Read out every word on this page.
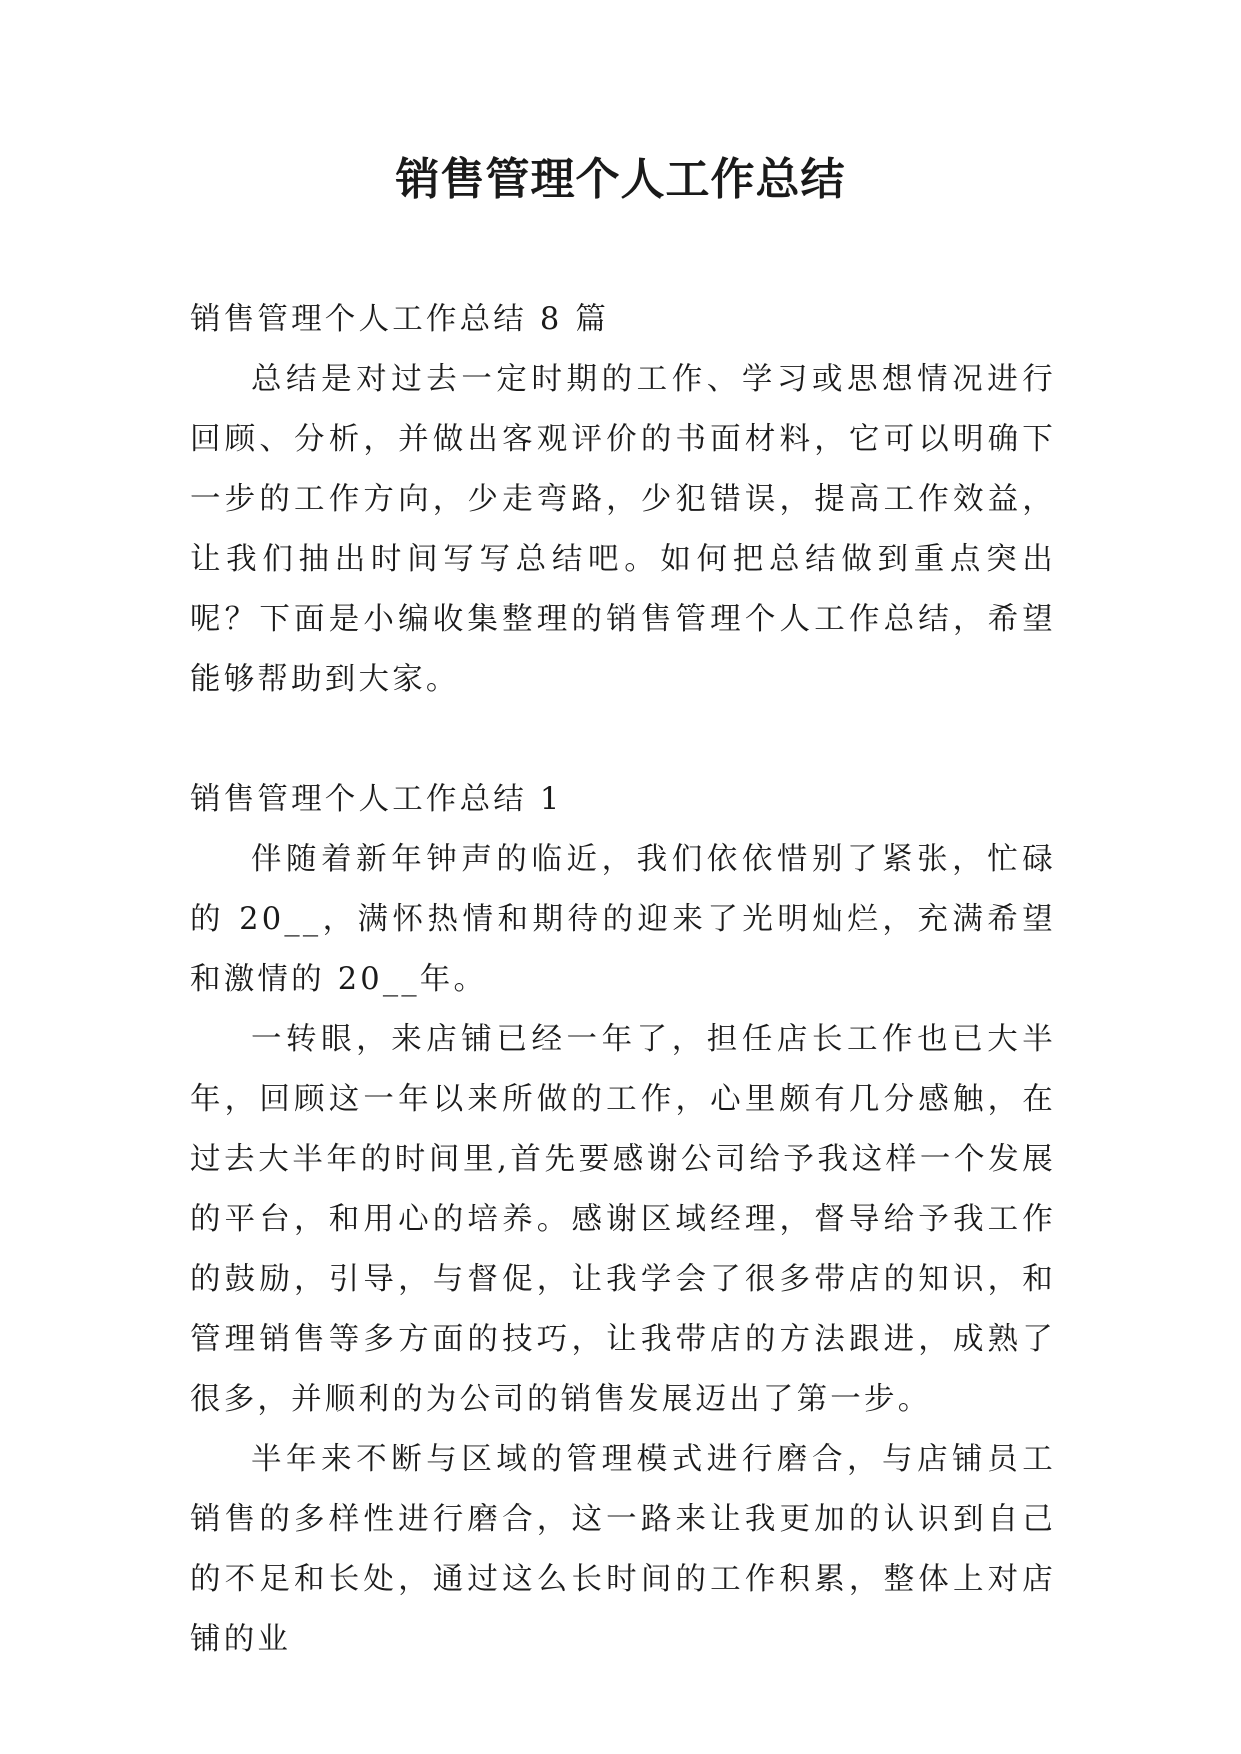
销售管理个人工作总结

销售管理个人工作总结 8 篇

总结是对过去一定时期的工作、学习或思想情况进行回顾、分析，并做出客观评价的书面材料，它可以明确下一步的工作方向，少走弯路，少犯错误，提高工作效益，让我们抽出时间写写总结吧。如何把总结做到重点突出呢？下面是小编收集整理的销售管理个人工作总结，希望能够帮助到大家。

销售管理个人工作总结 1

伴随着新年钟声的临近，我们依依惜别了紧张，忙碌的 20__，满怀热情和期待的迎来了光明灿烂，充满希望和激情的 20__年。

一转眼，来店铺已经一年了，担任店长工作也已大半年，回顾这一年以来所做的工作，心里颇有几分感触，在过去大半年的时间里,首先要感谢公司给予我这样一个发展的平台，和用心的培养。感谢区域经理，督导给予我工作的鼓励，引导，与督促，让我学会了很多带店的知识，和管理销售等多方面的技巧，让我带店的方法跟进，成熟了很多，并顺利的为公司的销售发展迈出了第一步。

半年来不断与区域的管理模式进行磨合，与店铺员工销售的多样性进行磨合，这一路来让我更加的认识到自己的不足和长处，通过这么长时间的工作积累，整体上对店铺的业
